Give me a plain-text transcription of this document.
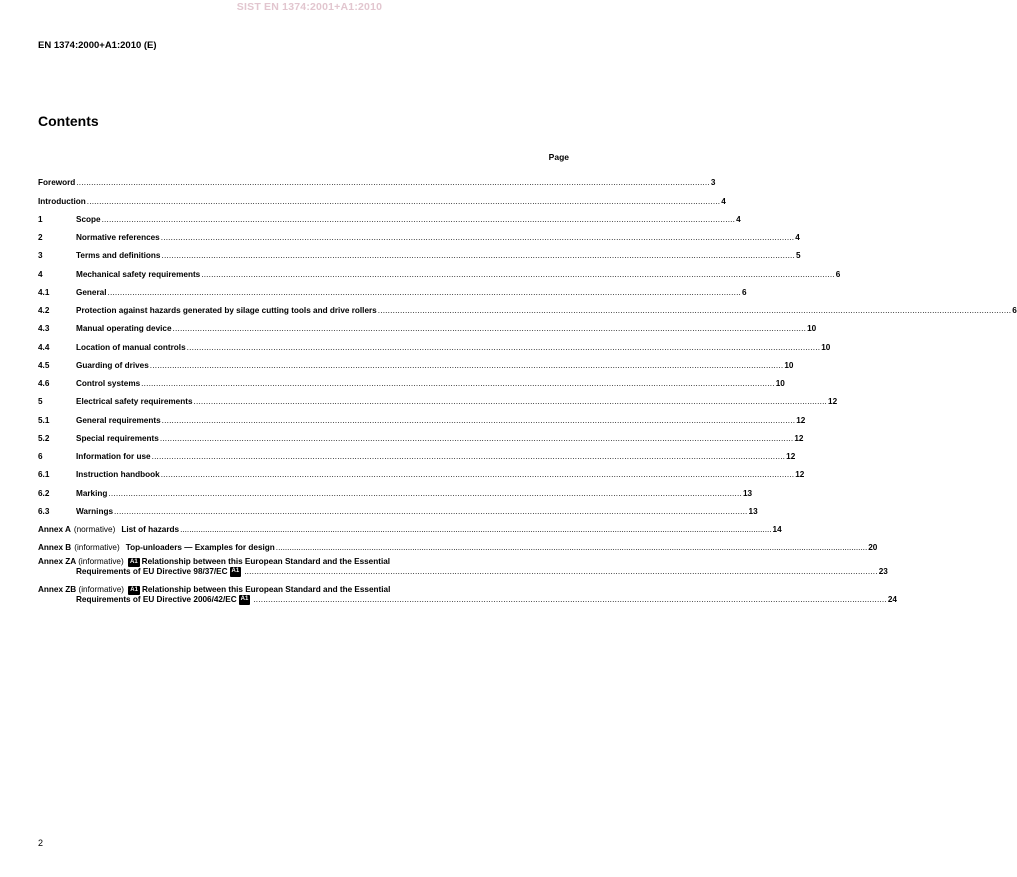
SIST EN 1374:2001+A1:2010
EN 1374:2000+A1:2010 (E)
Contents
Page
Foreword .....	3
Introduction .....	4
1	Scope .....	4
2	Normative references .....	4
3	Terms and definitions .....	5
4	Mechanical safety requirements .....	6
4.1	General .....	6
4.2	Protection against hazards generated by silage cutting tools and drive rollers .....	6
4.3	Manual operating device .....	10
4.4	Location of manual controls .....	10
4.5	Guarding of drives .....	10
4.6	Control systems .....	10
5	Electrical safety requirements .....	12
5.1	General requirements .....	12
5.2	Special requirements .....	12
6	Information for use .....	12
6.1	Instruction handbook .....	12
6.2	Marking .....	13
6.3	Warnings .....	13
Annex A (normative) List of hazards .................................................................................................................................................................................................................................................................... 14
Annex B (informative) Top-unloaders — Examples for design .................................................................................................................................................................................................................................................................... 20
Annex ZA (informative) A1 Relationship between this European Standard and the Essential
Requirements of EU Directive 98/37/EC A1 .....	23
Annex ZB (informative) A1 Relationship between this European Standard and the Essential
Requirements of EU Directive 2006/42/EC A1 .....	24
2
